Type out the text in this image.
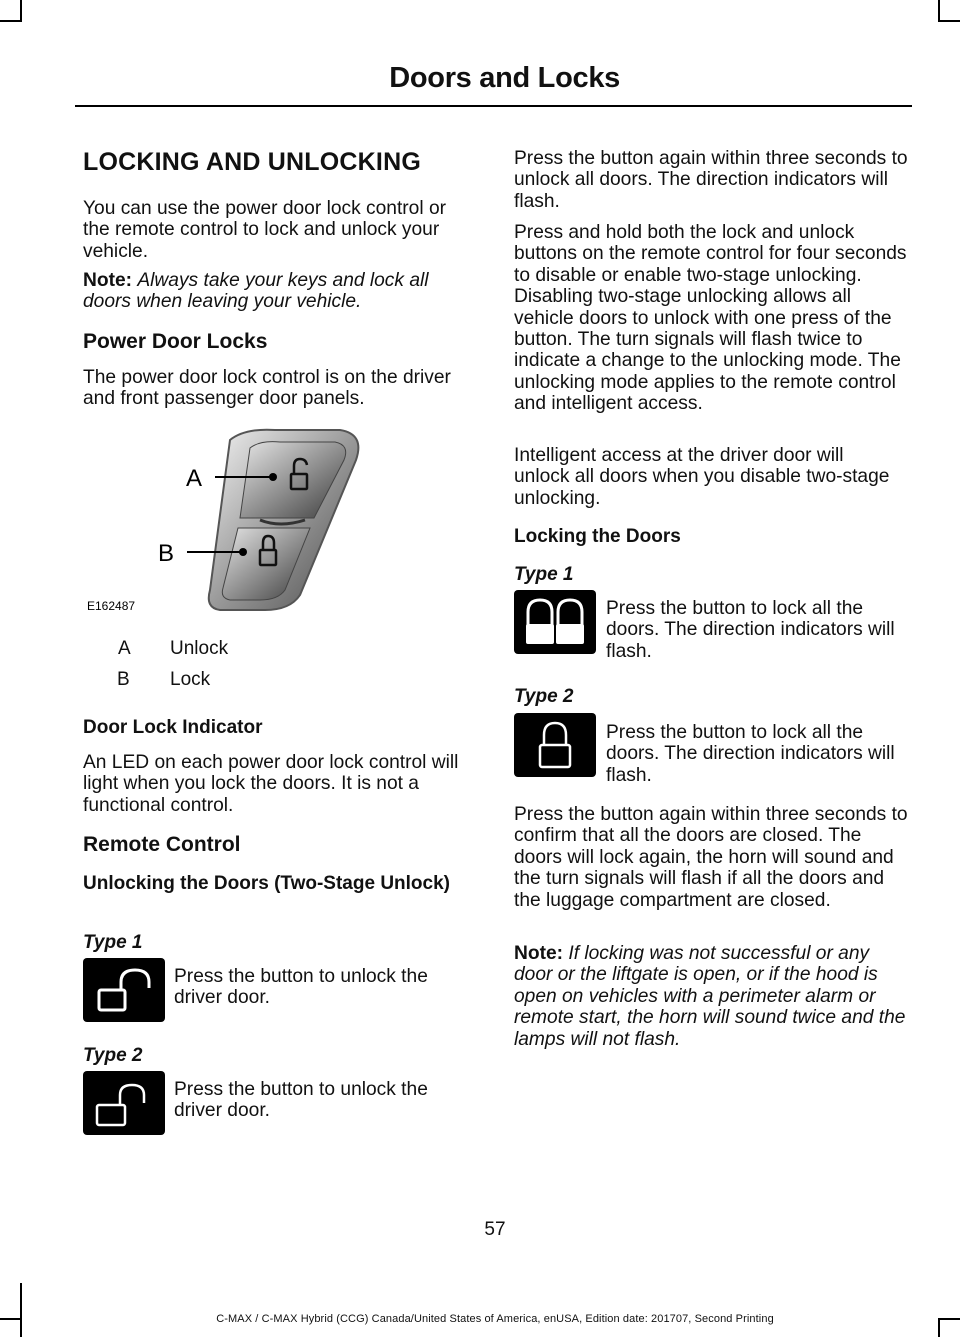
Doors and Locks
LOCKING AND UNLOCKING

You can use the power door lock control or the remote control to lock and unlock your vehicle.

Note: Always take your keys and lock all doors when leaving your vehicle.

Power Door Locks

The power door lock control is on the driver and front passenger door panels.

A
B
E162487
A Unlock
B Lock
Door Lock Indicator

An LED on each power door lock control will light when you lock the doors. It is not a functional control.

Remote Control
Unlocking the Doors (Two-Stage Unlock)
Type 1

Press the button to unlock the driver door.

Type 2

Press the button to unlock the driver door.

Press the button again within three seconds to unlock all doors. The direction indicators will flash.

Press and hold both the lock and unlock buttons on the remote control for four seconds to disable or enable two-stage unlocking. Disabling two-stage unlocking allows all vehicle doors to unlock with one press of the button. The turn signals will flash twice to indicate a change to the unlocking mode. The unlocking mode applies to the remote control and intelligent access.

Intelligent access at the driver door will unlock all doors when you disable two-stage unlocking.

Locking the Doors
Type 1

Press the button to lock all the doors. The direction indicators will flash.

Type 2

Press the button to lock all the doors. The direction indicators will flash.

Press the button again within three seconds to confirm that all the doors are closed. The doors will lock again, the horn will sound and the turn signals will flash if all the doors and the luggage compartment are closed.

Note: If locking was not successful or any door or the liftgate is open, or if the hood is open on vehicles with a perimeter alarm or remote start, the horn will sound twice and the lamps will not flash.

57
C-MAX / C-MAX Hybrid (CCG) Canada/United States of America, enUSA, Edition date: 201707, Second Printing
